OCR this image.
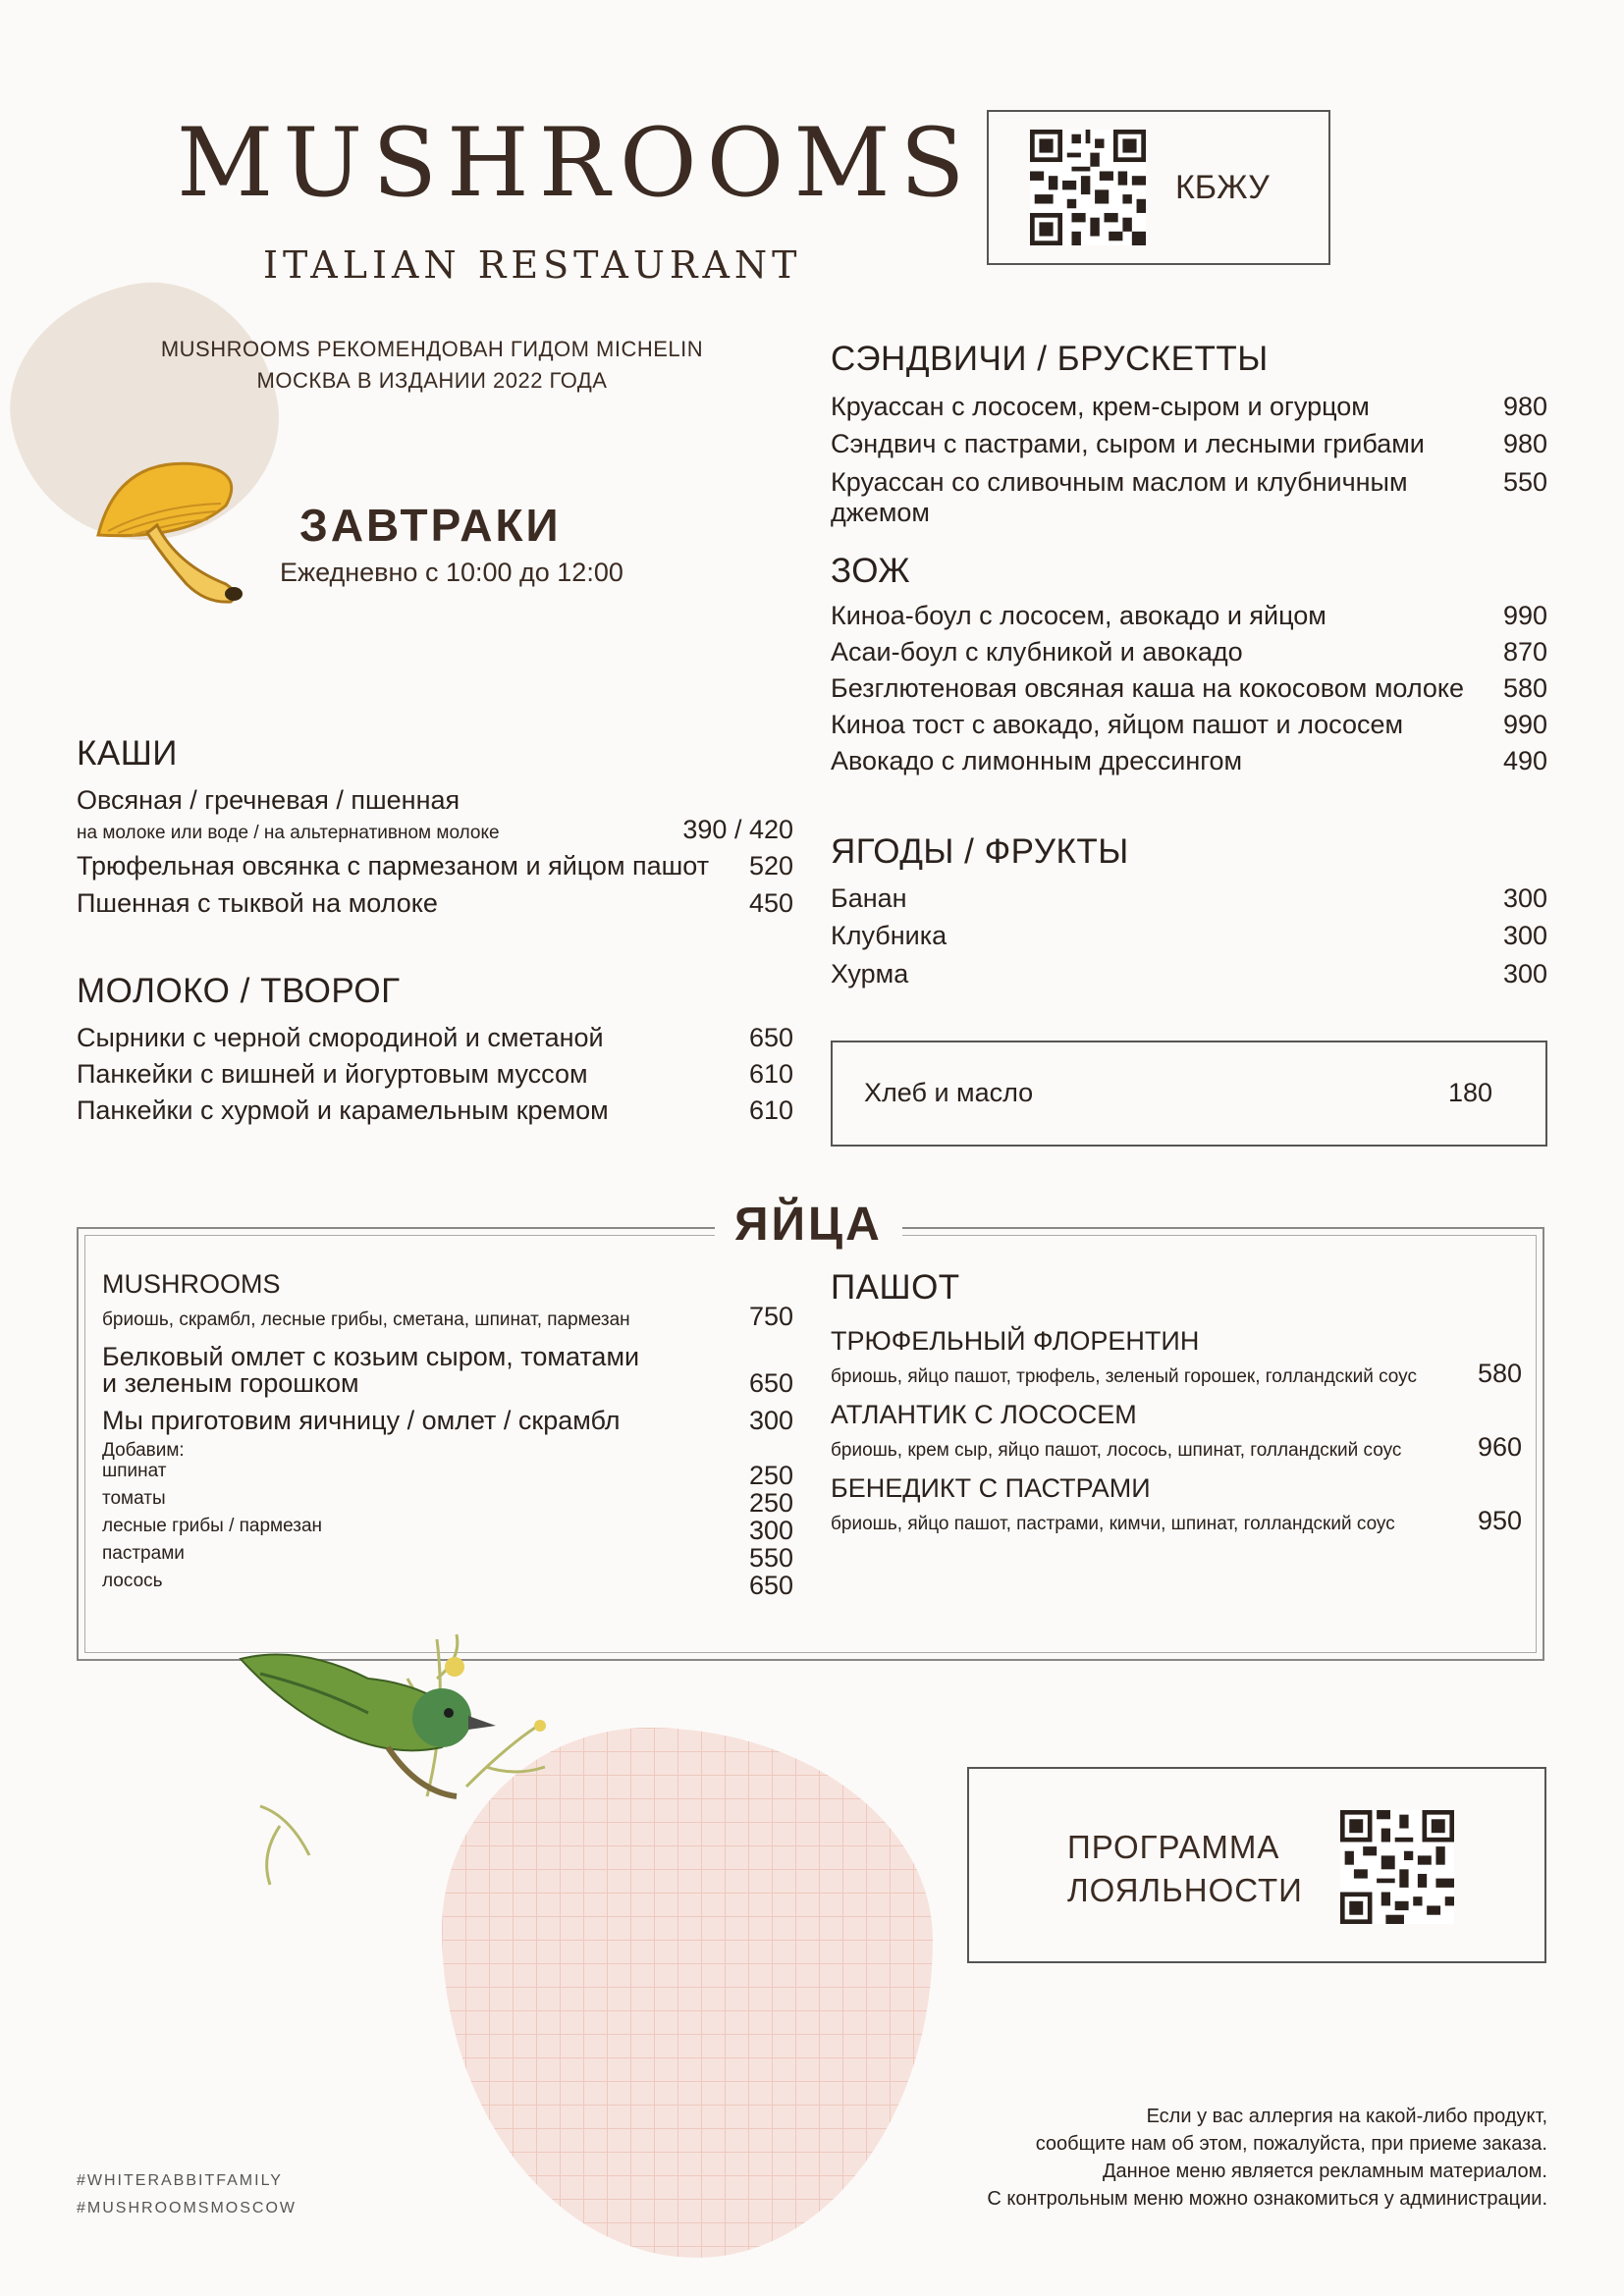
MUSHROOMS
ITALIAN RESTAURANT
КБЖУ
MUSHROOMS РЕКОМЕНДОВАН ГИДОМ MICHELIN
МОСКВА В ИЗДАНИИ 2022 ГОДА
ЗАВТРАКИ
Ежедневно с 10:00 до 12:00
КАШИ
Овсяная / гречневая / пшенная
на молоке или воде / на альтернативном молоке	390 / 420
Трюфельная овсянка с пармезаном и яйцом пашот 520
Пшенная с тыквой на молоке	450
МОЛОКО / ТВОРОГ
Сырники с черной смородиной и сметаной	650
Панкейки с вишней и йогуртовым муссом	610
Панкейки с хурмой и карамельным кремом	610
СЭНДВИЧИ / БРУСКЕТТЫ
Круассан с лососем, крем-сыром и огурцом	980
Сэндвич с пастрами, сыром и лесными грибами	980
Круассан со сливочным маслом и клубничным джемом
550
ЗОЖ
Киноа-боул с лососем, авокадо и яйцом	990
Асаи-боул с клубникой и авокадо	870
Безглютеновая овсяная каша на кокосовом молоке 580
Киноа тост с авокадо, яйцом пашот и лососем	990
Авокадо с лимонным дрессингом	490
ЯГОДЫ / ФРУКТЫ
Банан	300
Клубника	300
Хурма	300
Хлеб и масло	180
ЯЙЦА
MUSHROOMS
бриошь, скрамбл, лесные грибы, сметана, шпинат, пармезан	750
Белковый омлет с козьим сыром, томатами
и зеленым горошком	650
Мы приготовим яичницу / омлет / скрамбл	300
Добавим:
шпинат	250
томаты	250
лесные грибы / пармезан	300
пастрами	550
лосось	650
ПАШОТ
ТРЮФЕЛЬНЫЙ ФЛОРЕНТИН
бриошь, яйцо пашот, трюфель, зеленый горошек, голландский соус 580
АТЛАНТИК С ЛОСОСЕМ
бриошь, крем сыр, яйцо пашот, лосось, шпинат, голландский соус	960
БЕНЕДИКТ С ПАСТРАМИ
бриошь, яйцо пашот, пастрами, кимчи, шпинат, голландский соус	950
ПРОГРАММА
ЛОЯЛЬНОСТИ
Если у вас аллергия на какой-либо продукт,
сообщите нам об этом, пожалуйста, при приеме заказа.
Данное меню является рекламным материалом.
С контрольным меню можно ознакомиться у администрации.
#WHITERABBITFAMILY
#MUSHROOMSMOSCOW
